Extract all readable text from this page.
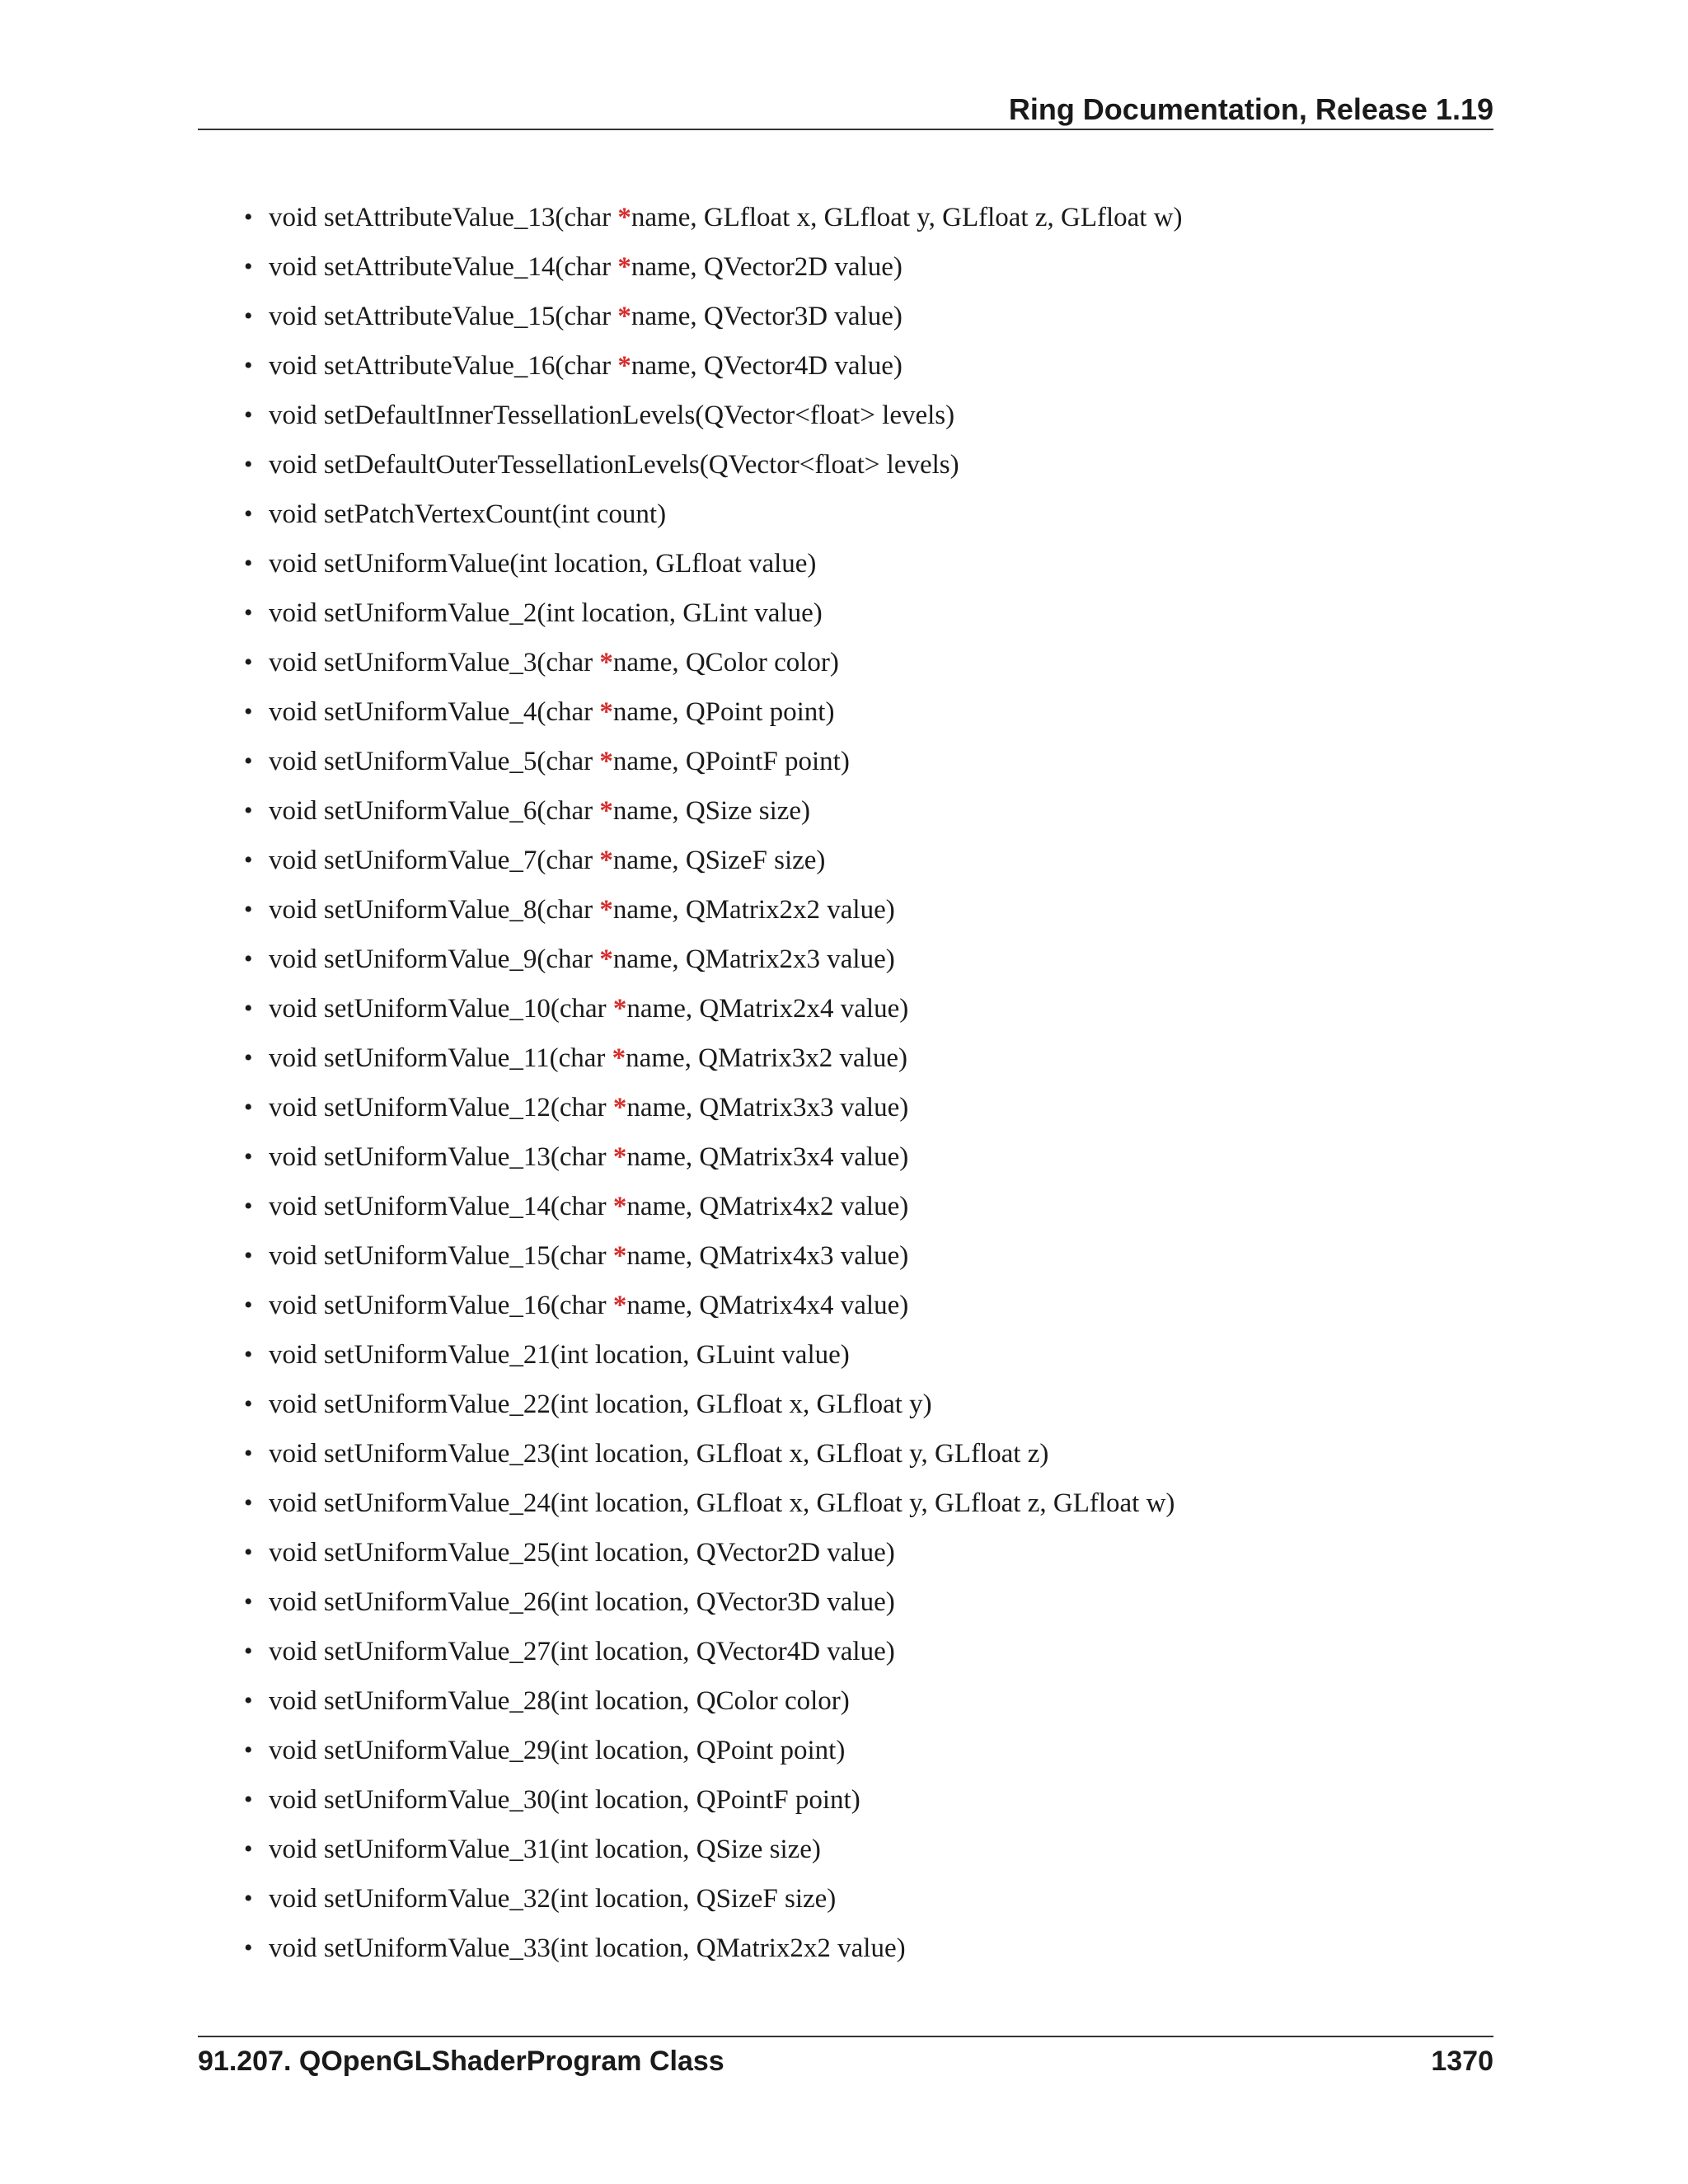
Ring Documentation, Release 1.19
• void setAttributeValue_13(char *name, GLfloat x, GLfloat y, GLfloat z, GLfloat w)
• void setAttributeValue_14(char *name, QVector2D value)
• void setAttributeValue_15(char *name, QVector3D value)
• void setAttributeValue_16(char *name, QVector4D value)
• void setDefaultInnerTessellationLevels(QVector<float> levels)
• void setDefaultOuterTessellationLevels(QVector<float> levels)
• void setPatchVertexCount(int count)
• void setUniformValue(int location, GLfloat value)
• void setUniformValue_2(int location, GLint value)
• void setUniformValue_3(char *name, QColor color)
• void setUniformValue_4(char *name, QPoint point)
• void setUniformValue_5(char *name, QPointF point)
• void setUniformValue_6(char *name, QSize size)
• void setUniformValue_7(char *name, QSizeF size)
• void setUniformValue_8(char *name, QMatrix2x2 value)
• void setUniformValue_9(char *name, QMatrix2x3 value)
• void setUniformValue_10(char *name, QMatrix2x4 value)
• void setUniformValue_11(char *name, QMatrix3x2 value)
• void setUniformValue_12(char *name, QMatrix3x3 value)
• void setUniformValue_13(char *name, QMatrix3x4 value)
• void setUniformValue_14(char *name, QMatrix4x2 value)
• void setUniformValue_15(char *name, QMatrix4x3 value)
• void setUniformValue_16(char *name, QMatrix4x4 value)
• void setUniformValue_21(int location, GLuint value)
• void setUniformValue_22(int location, GLfloat x, GLfloat y)
• void setUniformValue_23(int location, GLfloat x, GLfloat y, GLfloat z)
• void setUniformValue_24(int location, GLfloat x, GLfloat y, GLfloat z, GLfloat w)
• void setUniformValue_25(int location, QVector2D value)
• void setUniformValue_26(int location, QVector3D value)
• void setUniformValue_27(int location, QVector4D value)
• void setUniformValue_28(int location, QColor color)
• void setUniformValue_29(int location, QPoint point)
• void setUniformValue_30(int location, QPointF point)
• void setUniformValue_31(int location, QSize size)
• void setUniformValue_32(int location, QSizeF size)
• void setUniformValue_33(int location, QMatrix2x2 value)
91.207. QOpenGLShaderProgram Class	1370
